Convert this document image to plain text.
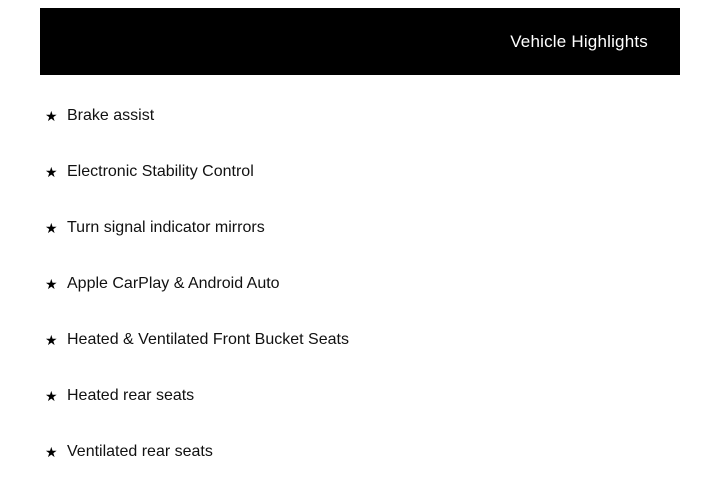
Vehicle Highlights
★ Brake assist
★ Electronic Stability Control
★ Turn signal indicator mirrors
★ Apple CarPlay & Android Auto
★ Heated & Ventilated Front Bucket Seats
★ Heated rear seats
★ Ventilated rear seats
